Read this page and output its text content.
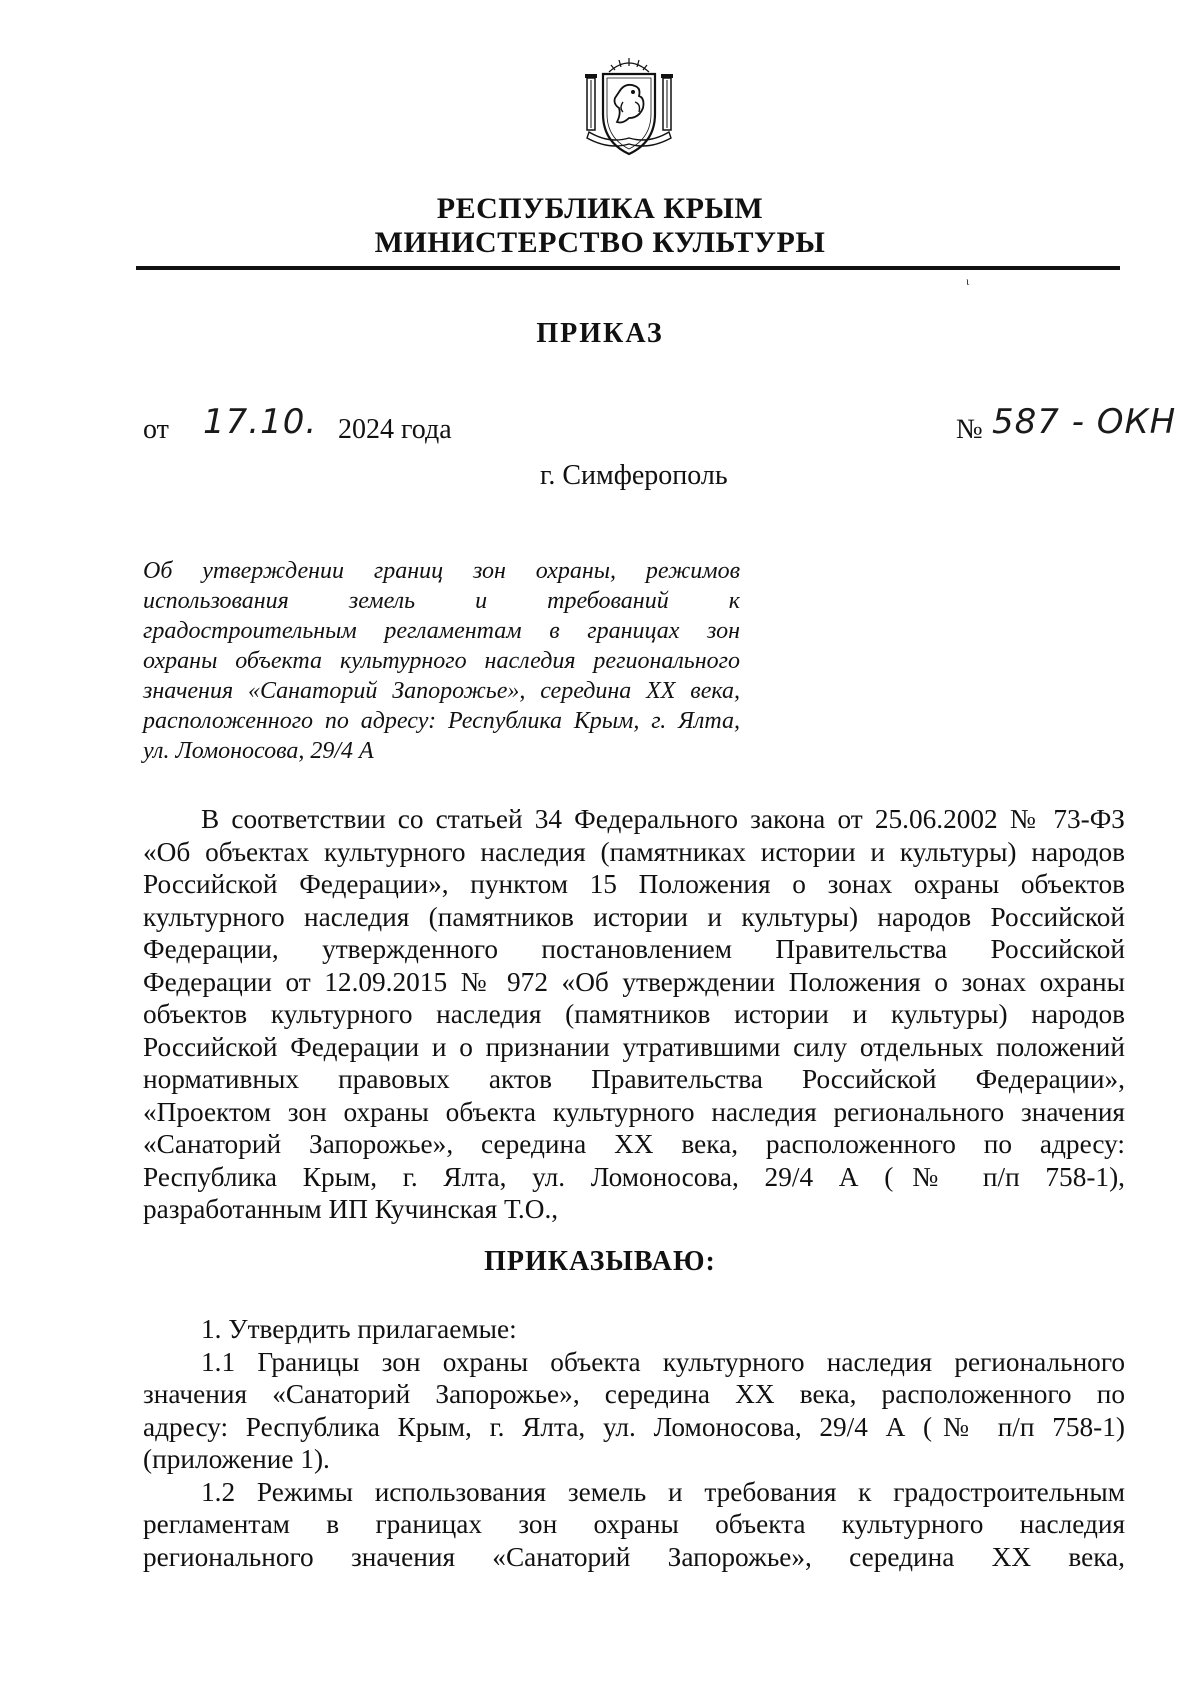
РЕСПУБЛИКА КРЫМ
МИНИСТЕРСТВО КУЛЬТУРЫ
ι
ПРИКАЗ
от 17.10. 2024 года	№ 587 - ОКН
г. Симферополь
Об утверждении границ зон охраны, режимов
использования земель и требований к
градостроительным регламентам в границах зон
охраны объекта культурного наследия регионального
значения «Санаторий Запорожье», середина XX века,
расположенного по адресу: Республика Крым, г. Ялта,
ул. Ломоносова, 29/4 А
В соответствии со статьей 34 Федерального закона от 25.06.2002 № 73-ФЗ
«Об объектах культурного наследия (памятниках истории и культуры) народов
Российской Федерации», пунктом 15 Положения о зонах охраны объектов
культурного наследия (памятников истории и культуры) народов Российской
Федерации, утвержденного постановлением Правительства Российской
Федерации от 12.09.2015 № 972 «Об утверждении Положения о зонах охраны
объектов культурного наследия (памятников истории и культуры) народов
Российской Федерации и о признании утратившими силу отдельных положений
нормативных правовых актов Правительства Российской Федерации»,
«Проектом зон охраны объекта культурного наследия регионального значения
«Санаторий Запорожье», середина XX века, расположенного по адресу:
Республика Крым, г. Ялта, ул. Ломоносова, 29/4 А (№ п/п 758-1),
разработанным ИП Кучинская Т.О.,
ПРИКАЗЫВАЮ:
1. Утвердить прилагаемые:
1.1 Границы зон охраны объекта культурного наследия регионального
значения «Санаторий Запорожье», середина XX века, расположенного по
адресу: Республика Крым, г. Ялта, ул. Ломоносова, 29/4 А (№ п/п 758-1)
(приложение 1).
1.2 Режимы использования земель и требования к градостроительным
регламентам в границах зон охраны объекта культурного наследия
регионального значения «Санаторий Запорожье», середина XX века,
